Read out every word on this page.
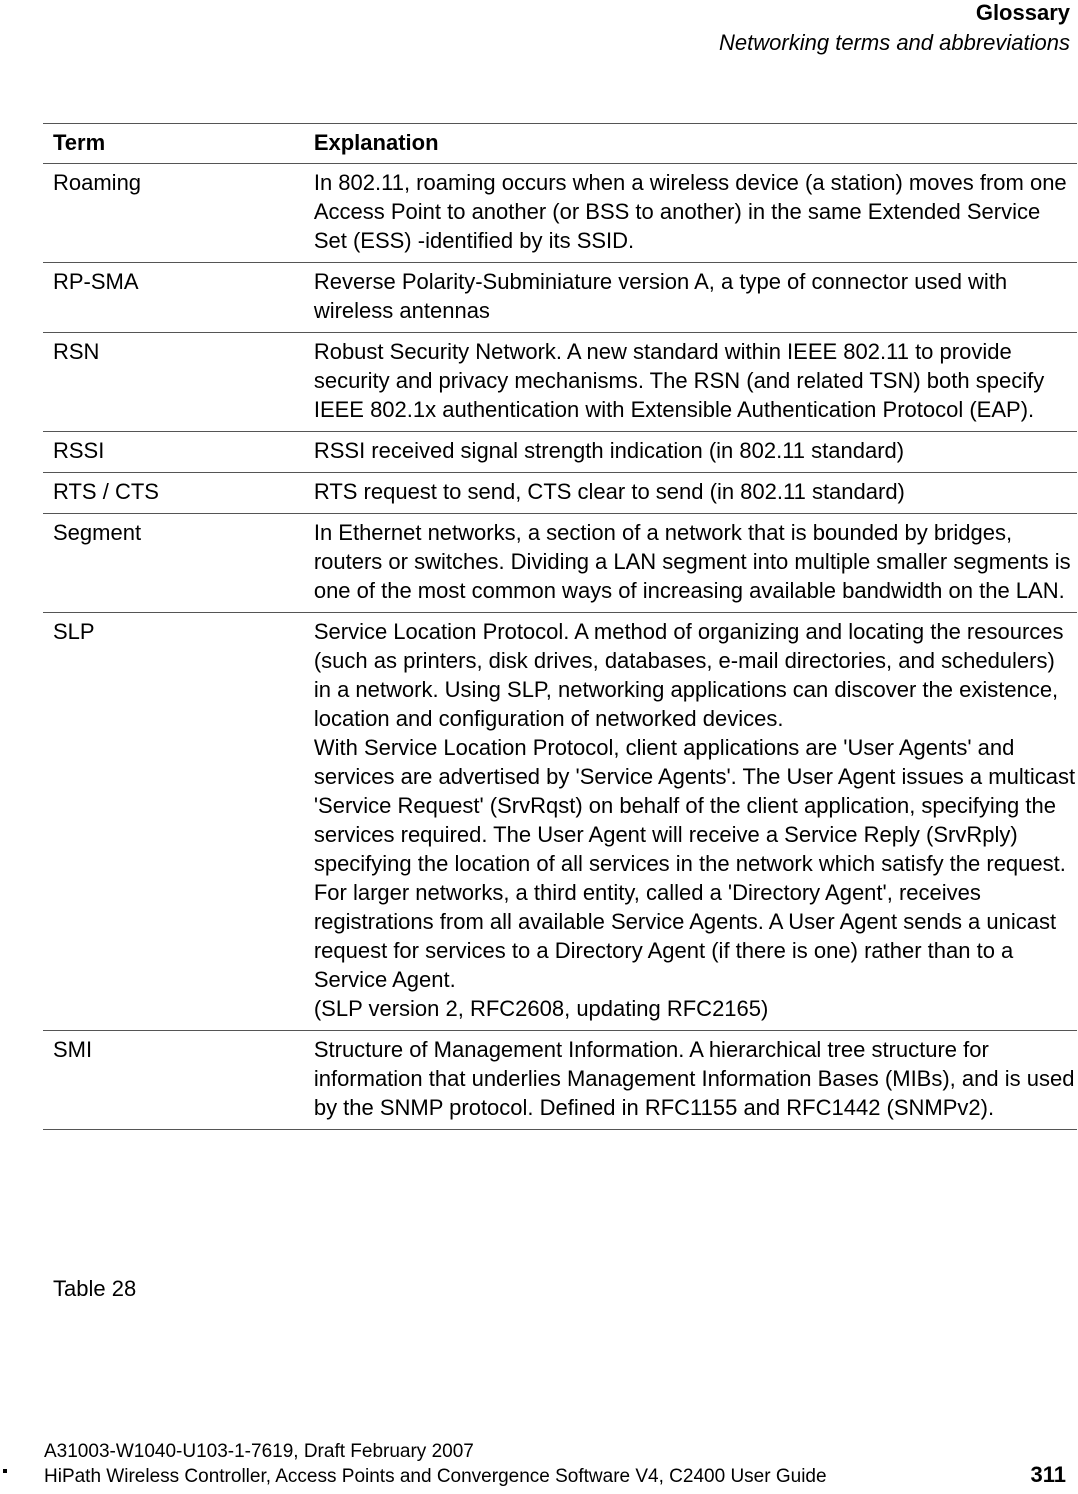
Glossary
Networking terms and abbreviations
Term	Explanation
Roaming	In 802.11, roaming occurs when a wireless device (a station) moves from one Access Point to another (or BSS to another) in the same Extended Service Set (ESS) -identified by its SSID.

RP-SMA	Reverse Polarity-Subminiature version A, a type of connector used with wireless antennas

RSN	Robust Security Network. A new standard within IEEE 802.11 to provide security and privacy mechanisms. The RSN (and related TSN) both specify IEEE 802.1x authentication with Extensible Authentication Protocol (EAP).

RSSI	RSSI received signal strength indication (in 802.11 standard)

RTS / CTS	RTS request to send, CTS clear to send (in 802.11 standard)

Segment	In Ethernet networks, a section of a network that is bounded by bridges, routers or switches. Dividing a LAN segment into multiple smaller segments is one of the most common ways of increasing available bandwidth on the LAN.

SLP	Service Location Protocol. A method of organizing and locating the resources (such as printers, disk drives, databases, e-mail directories, and schedulers) in a network. Using SLP, networking applications can discover the existence, location and configuration of networked devices.
With Service Location Protocol, client applications are 'User Agents' and services are advertised by 'Service Agents'. The User Agent issues a multicast 'Service Request' (SrvRqst) on behalf of the client application, specifying the services required. The User Agent will receive a Service Reply (SrvRply) specifying the location of all services in the network which satisfy the request.
For larger networks, a third entity, called a 'Directory Agent', receives registrations from all available Service Agents. A User Agent sends a unicast request for services to a Directory Agent (if there is one) rather than to a Service Agent.
(SLP version 2, RFC2608, updating RFC2165)

SMI	Structure of Management Information. A hierarchical tree structure for information that underlies Management Information Bases (MIBs), and is used by the SNMP protocol. Defined in RFC1155 and RFC1442 (SNMPv2).
Table 28
A31003-W1040-U103-1-7619, Draft February 2007
HiPath Wireless Controller, Access Points and Convergence Software V4, C2400 User Guide	311
